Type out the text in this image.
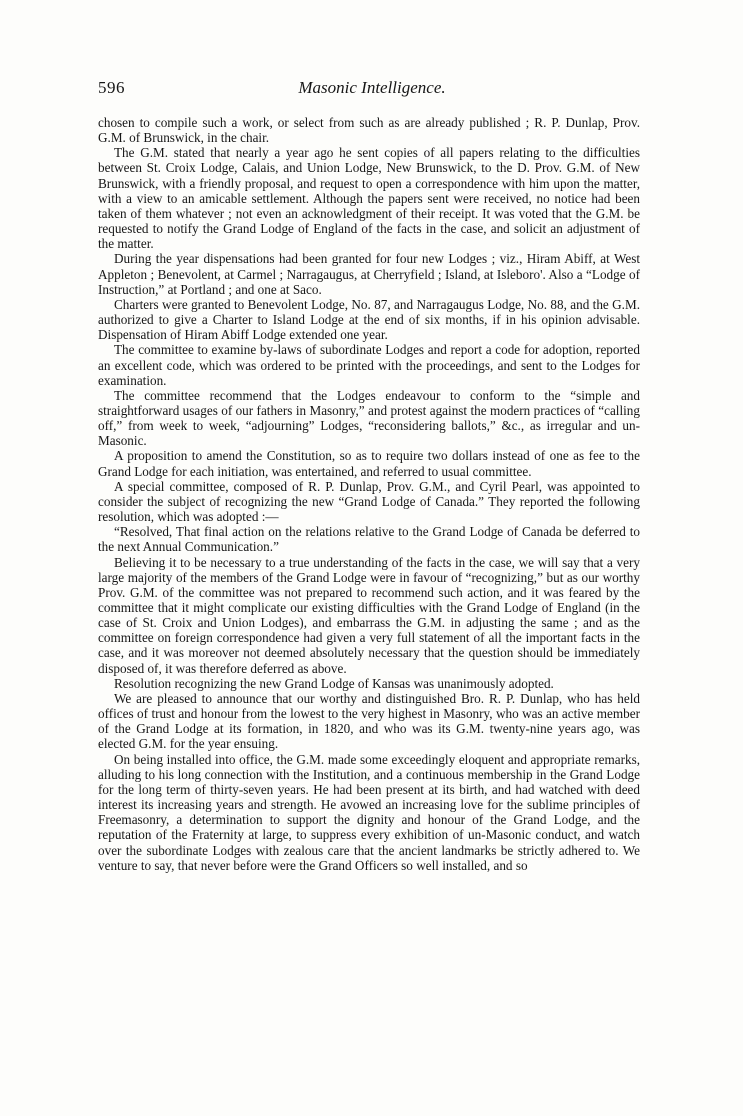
596	Masonic Intelligence.

chosen to compile such a work, or select from such as are already published ; R. P. Dunlap, Prov. G.M. of Brunswick, in the chair.

The G.M. stated that nearly a year ago he sent copies of all papers relating to the difficulties between St. Croix Lodge, Calais, and Union Lodge, New Brunswick, to the D. Prov. G.M. of New Brunswick, with a friendly proposal, and request to open a correspondence with him upon the matter, with a view to an amicable settlement. Although the papers sent were received, no notice had been taken of them whatever ; not even an acknowledgment of their receipt. It was voted that the G.M. be requested to notify the Grand Lodge of England of the facts in the case, and solicit an adjustment of the matter.

During the year dispensations had been granted for four new Lodges ; viz., Hiram Abiff, at West Appleton ; Benevolent, at Carmel ; Narragaugus, at Cherryfield ; Island, at Isleboro'. Also a “Lodge of Instruction,” at Portland ; and one at Saco.

Charters were granted to Benevolent Lodge, No. 87, and Narragaugus Lodge, No. 88, and the G.M. authorized to give a Charter to Island Lodge at the end of six months, if in his opinion advisable. Dispensation of Hiram Abiff Lodge extended one year.

The committee to examine by-laws of subordinate Lodges and report a code for adoption, reported an excellent code, which was ordered to be printed with the proceedings, and sent to the Lodges for examination.

The committee recommend that the Lodges endeavour to conform to the “simple and straightforward usages of our fathers in Masonry,” and protest against the modern practices of “calling off,” from week to week, “adjourning” Lodges, “reconsidering ballots,” &c., as irregular and un-Masonic.

A proposition to amend the Constitution, so as to require two dollars instead of one as fee to the Grand Lodge for each initiation, was entertained, and referred to usual committee.

A special committee, composed of R. P. Dunlap, Prov. G.M., and Cyril Pearl, was appointed to consider the subject of recognizing the new “Grand Lodge of Canada.” They reported the following resolution, which was adopted :—

“Resolved, That final action on the relations relative to the Grand Lodge of Canada be deferred to the next Annual Communication.”

Believing it to be necessary to a true understanding of the facts in the case, we will say that a very large majority of the members of the Grand Lodge were in favour of “recognizing,” but as our worthy Prov. G.M. of the committee was not prepared to recommend such action, and it was feared by the committee that it might complicate our existing difficulties with the Grand Lodge of England (in the case of St. Croix and Union Lodges), and embarrass the G.M. in adjusting the same ; and as the committee on foreign correspondence had given a very full statement of all the important facts in the case, and it was moreover not deemed absolutely necessary that the question should be immediately disposed of, it was therefore deferred as above.

Resolution recognizing the new Grand Lodge of Kansas was unanimously adopted.

We are pleased to announce that our worthy and distinguished Bro. R. P. Dunlap, who has held offices of trust and honour from the lowest to the very highest in Masonry, who was an active member of the Grand Lodge at its formation, in 1820, and who was its G.M. twenty-nine years ago, was elected G.M. for the year ensuing.

On being installed into office, the G.M. made some exceedingly eloquent and appropriate remarks, alluding to his long connection with the Institution, and a continuous membership in the Grand Lodge for the long term of thirty-seven years. He had been present at its birth, and had watched with deed interest its increasing years and strength. He avowed an increasing love for the sublime principles of Freemasonry, a determination to support the dignity and honour of the Grand Lodge, and the reputation of the Fraternity at large, to suppress every exhibition of un-Masonic conduct, and watch over the subordinate Lodges with zealous care that the ancient landmarks be strictly adhered to. We venture to say, that never before were the Grand Officers so well installed, and so
